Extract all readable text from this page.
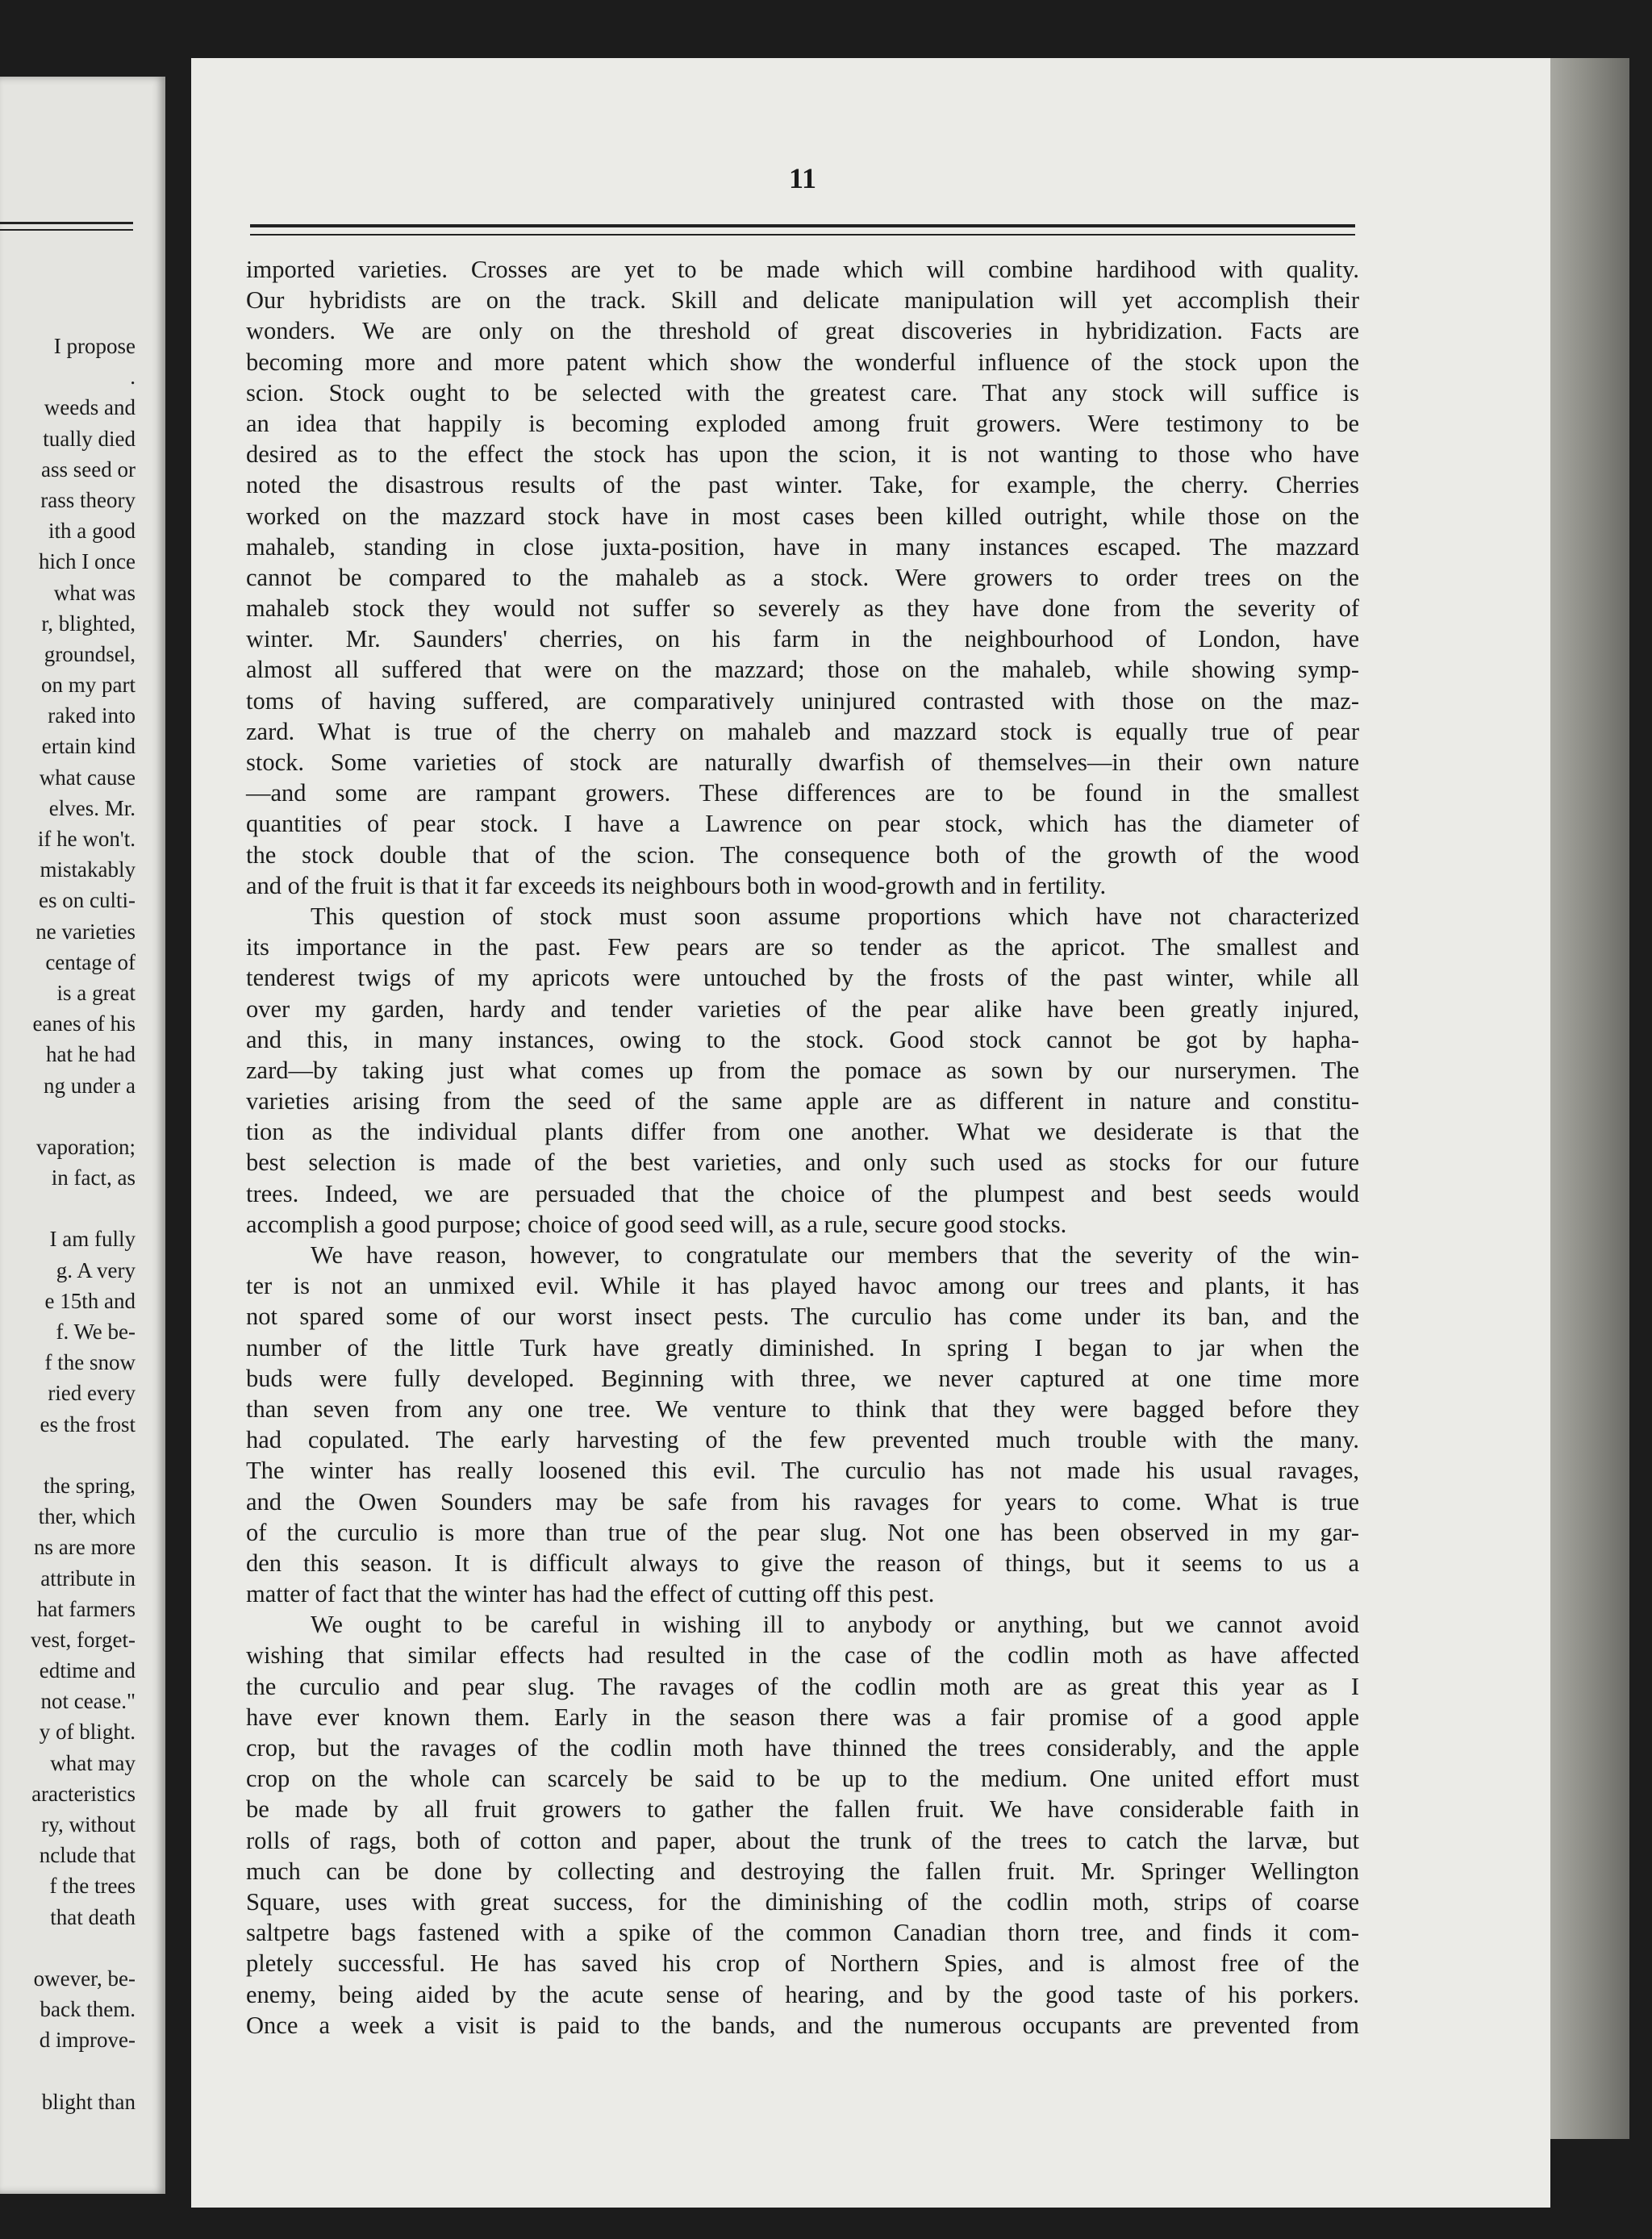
I propose
.
weeds and
tually died
ass seed or
rass theory
ith a good
hich I once
what was
r, blighted,
groundsel,
on my part
raked into
ertain kind
what cause
elves. Mr.
if he won't.
mistakably
es on culti-
ne varieties
centage of
is a great
eanes of his
hat he had
ng under a
vaporation;
in fact, as
I am fully
g. A very
e 15th and
f. We be-
f the snow
ried every
es the frost
the spring,
ther, which
ns are more
attribute in
hat farmers
vest, forget-
edtime and
not cease."
y of blight.
what may
aracteristics
ry, without
nclude that
f the trees
that death
owever, be-
back them.
d improve-
blight than
11
imported varieties. Crosses are yet to be made which will combine hardihood with quality.
Our hybridists are on the track. Skill and delicate manipulation will yet accomplish their
wonders. We are only on the threshold of great discoveries in hybridization. Facts are
becoming more and more patent which show the wonderful influence of the stock upon the
scion. Stock ought to be selected with the greatest care. That any stock will suffice is
an idea that happily is becoming exploded among fruit growers. Were testimony to be
desired as to the effect the stock has upon the scion, it is not wanting to those who have
noted the disastrous results of the past winter. Take, for example, the cherry. Cherries
worked on the mazzard stock have in most cases been killed outright, while those on the
mahaleb, standing in close juxta-position, have in many instances escaped. The mazzard
cannot be compared to the mahaleb as a stock. Were growers to order trees on the
mahaleb stock they would not suffer so severely as they have done from the severity of
winter. Mr. Saunders' cherries, on his farm in the neighbourhood of London, have
almost all suffered that were on the mazzard; those on the mahaleb, while showing symp-
toms of having suffered, are comparatively uninjured contrasted with those on the maz-
zard. What is true of the cherry on mahaleb and mazzard stock is equally true of pear
stock. Some varieties of stock are naturally dwarfish of themselves—in their own nature
—and some are rampant growers. These differences are to be found in the smallest
quantities of pear stock. I have a Lawrence on pear stock, which has the diameter of
the stock double that of the scion. The consequence both of the growth of the wood
and of the fruit is that it far exceeds its neighbours both in wood-growth and in fertility.
This question of stock must soon assume proportions which have not characterized
its importance in the past. Few pears are so tender as the apricot. The smallest and
tenderest twigs of my apricots were untouched by the frosts of the past winter, while all
over my garden, hardy and tender varieties of the pear alike have been greatly injured,
and this, in many instances, owing to the stock. Good stock cannot be got by hapha-
zard—by taking just what comes up from the pomace as sown by our nurserymen. The
varieties arising from the seed of the same apple are as different in nature and constitu-
tion as the individual plants differ from one another. What we desiderate is that the
best selection is made of the best varieties, and only such used as stocks for our future
trees. Indeed, we are persuaded that the choice of the plumpest and best seeds would
accomplish a good purpose; choice of good seed will, as a rule, secure good stocks.
We have reason, however, to congratulate our members that the severity of the win-
ter is not an unmixed evil. While it has played havoc among our trees and plants, it has
not spared some of our worst insect pests. The curculio has come under its ban, and the
number of the little Turk have greatly diminished. In spring I began to jar when the
buds were fully developed. Beginning with three, we never captured at one time more
than seven from any one tree. We venture to think that they were bagged before they
had copulated. The early harvesting of the few prevented much trouble with the many.
The winter has really loosened this evil. The curculio has not made his usual ravages,
and the Owen Sounders may be safe from his ravages for years to come. What is true
of the curculio is more than true of the pear slug. Not one has been observed in my gar-
den this season. It is difficult always to give the reason of things, but it seems to us a
matter of fact that the winter has had the effect of cutting off this pest.
We ought to be careful in wishing ill to anybody or anything, but we cannot avoid
wishing that similar effects had resulted in the case of the codlin moth as have affected
the curculio and pear slug. The ravages of the codlin moth are as great this year as I
have ever known them. Early in the season there was a fair promise of a good apple
crop, but the ravages of the codlin moth have thinned the trees considerably, and the apple
crop on the whole can scarcely be said to be up to the medium. One united effort must
be made by all fruit growers to gather the fallen fruit. We have considerable faith in
rolls of rags, both of cotton and paper, about the trunk of the trees to catch the larvæ, but
much can be done by collecting and destroying the fallen fruit. Mr. Springer Wellington
Square, uses with great success, for the diminishing of the codlin moth, strips of coarse
saltpetre bags fastened with a spike of the common Canadian thorn tree, and finds it com-
pletely successful. He has saved his crop of Northern Spies, and is almost free of the
enemy, being aided by the acute sense of hearing, and by the good taste of his porkers.
Once a week a visit is paid to the bands, and the numerous occupants are prevented from
